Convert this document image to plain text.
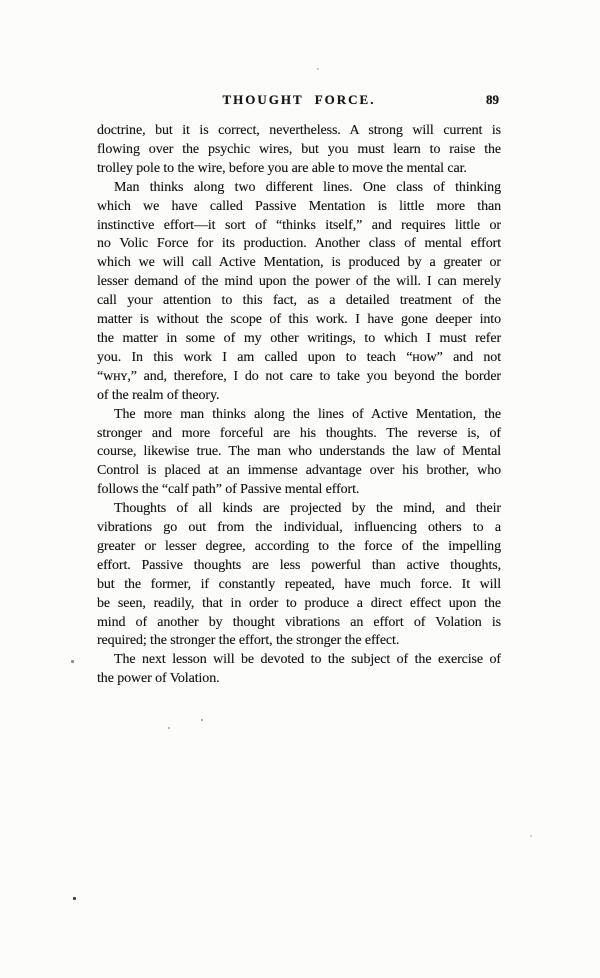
THOUGHT FORCE.	89
doctrine, but it is correct, nevertheless. A strong will current is
flowing over the psychic wires, but you must learn to raise the
trolley pole to the wire, before you are able to move the mental car.
Man thinks along two different lines. One class of thinking
which we have called Passive Mentation is little more than
instinctive effort—it sort of “thinks itself,” and requires little or
no Volic Force for its production. Another class of mental effort
which we will call Active Mentation, is produced by a greater or
lesser demand of the mind upon the power of the will. I can merely
call your attention to this fact, as a detailed treatment of the
matter is without the scope of this work. I have gone deeper into
the matter in some of my other writings, to which I must refer
you. In this work I am called upon to teach “ʜᴏᴡ” and not
“ᴡʜʏ,” and, therefore, I do not care to take you beyond the border
of the realm of theory.
The more man thinks along the lines of Active Mentation, the
stronger and more forceful are his thoughts. The reverse is, of
course, likewise true. The man who understands the law of Mental
Control is placed at an immense advantage over his brother, who
follows the “calf path” of Passive mental effort.
Thoughts of all kinds are projected by the mind, and their
vibrations go out from the individual, influencing others to a
greater or lesser degree, according to the force of the impelling
effort. Passive thoughts are less powerful than active thoughts,
but the former, if constantly repeated, have much force. It will
be seen, readily, that in order to produce a direct effect upon the
mind of another by thought vibrations an effort of Volation is
required; the stronger the effort, the stronger the effect.
The next lesson will be devoted to the subject of the exercise of
the power of Volation.
